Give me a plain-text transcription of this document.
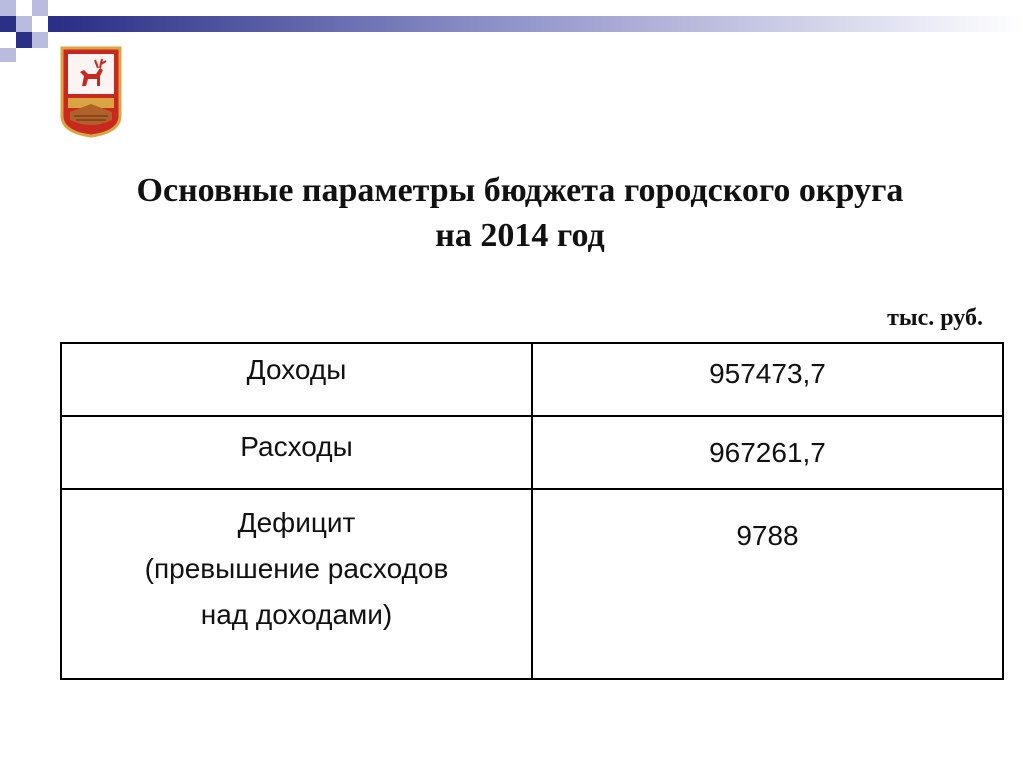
Основные параметры бюджета городского округа
на 2014 год
тыс. руб.
Доходы	957473,7
Расходы	967261,7

Дефицит
(превышение расходов
над доходами)	9788
